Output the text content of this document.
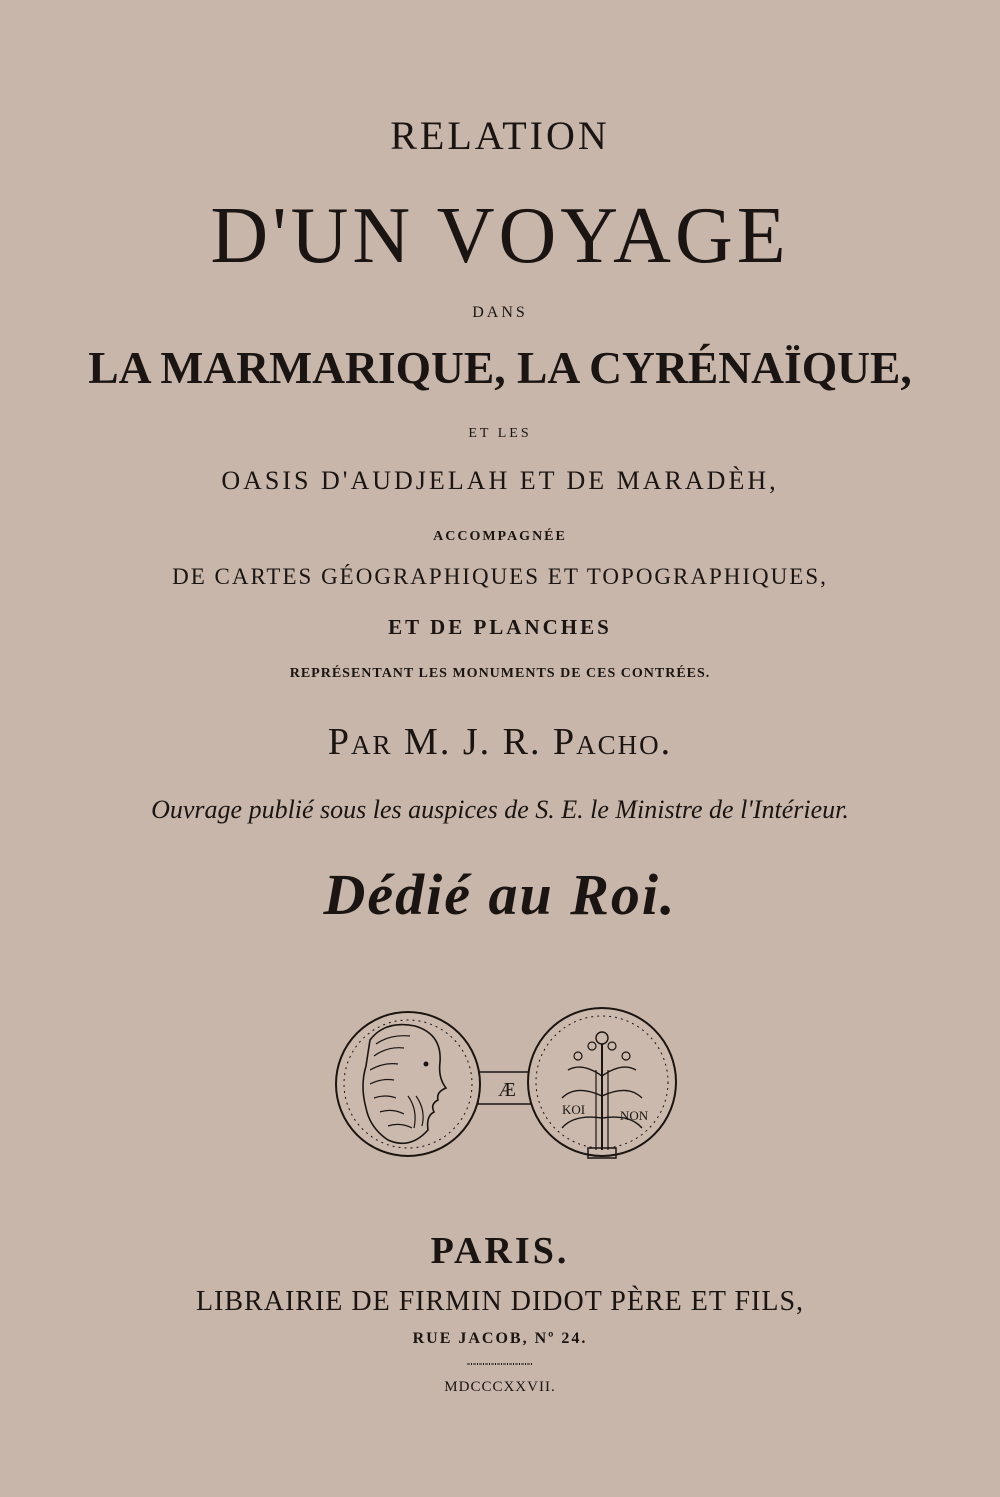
RELATION
D'UN VOYAGE
DANS
LA MARMARIQUE, LA CYRÉNAÏQUE,
ET LES
OASIS D'AUDJELAH ET DE MARADÈH,
ACCOMPAGNÉE
DE CARTES GÉOGRAPHIQUES ET TOPOGRAPHIQUES,
ET DE PLANCHES
REPRÉSENTANT LES MONUMENTS DE CES CONTRÉES.
Par M. J. R. Pacho.
Ouvrage publié sous les auspices de S. E. le Ministre de l'Intérieur.
Dédié au Roi.
Æ
KOI	NON
PARIS.
LIBRAIRIE DE FIRMIN DIDOT PÈRE ET FILS,
RUE JACOB, Nº 24.
MDCCCXXVII.
